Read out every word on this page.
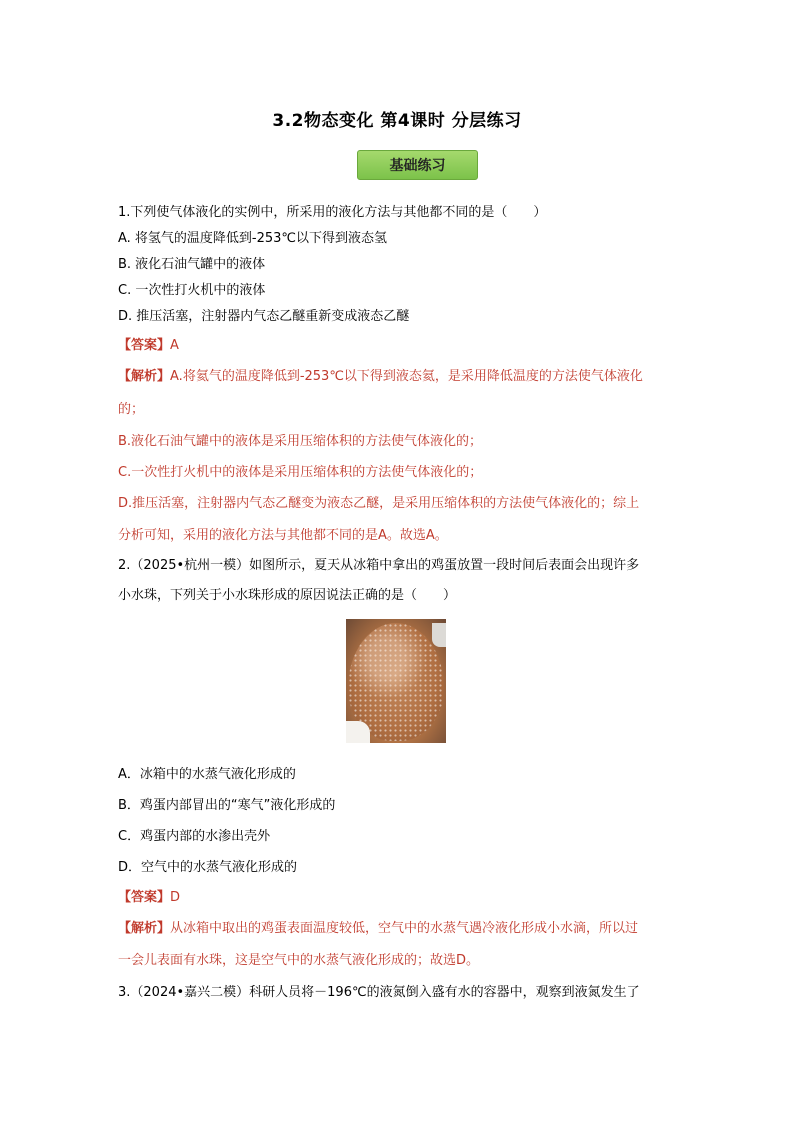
3.2物态变化 第4课时 分层练习
基础练习
1.下列使气体液化的实例中，所采用的液化方法与其他都不同的是（　　）
A. 将氢气的温度降低到-253℃以下得到液态氢
B. 液化石油气罐中的液体
C. 一次性打火机中的液体
D. 推压活塞，注射器内气态乙醚重新变成液态乙醚
【答案】A
【解析】A.将氦气的温度降低到-253℃以下得到液态氦，是采用降低温度的方法使气体液化
的；
B.液化石油气罐中的液体是采用压缩体积的方法使气体液化的；
C.一次性打火机中的液体是采用压缩体积的方法使气体液化的；
D.推压活塞，注射器内气态乙醚变为液态乙醚，是采用压缩体积的方法使气体液化的；综上
分析可知，采用的液化方法与其他都不同的是A。故选A。
2.（2025•杭州一模）如图所示，夏天从冰箱中拿出的鸡蛋放置一段时间后表面会出现许多
小水珠，下列关于小水珠形成的原因说法正确的是（　　）
A．冰箱中的水蒸气液化形成的
B．鸡蛋内部冒出的“寒气”液化形成的
C．鸡蛋内部的水渗出壳外
D．空气中的水蒸气液化形成的
【答案】D
【解析】从冰箱中取出的鸡蛋表面温度较低，空气中的水蒸气遇冷液化形成小水滴，所以过
一会儿表面有水珠，这是空气中的水蒸气液化形成的；故选D。
3.（2024•嘉兴二模）科研人员将－196℃的液氮倒入盛有水的容器中，观察到液氮发生了
